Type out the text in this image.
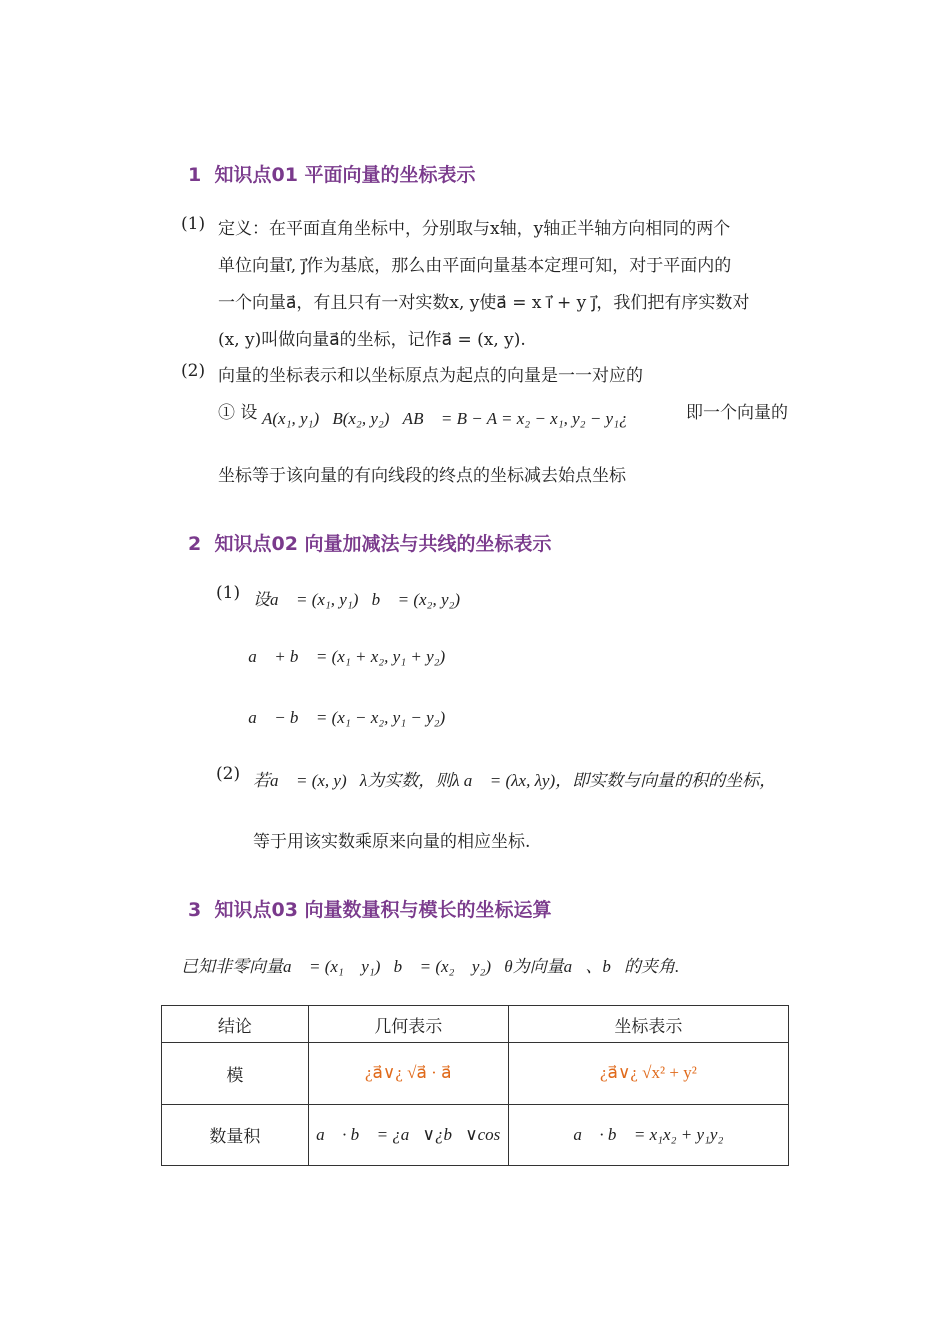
1 知识点01 平面向量的坐标表示
(1) 定义：在平面直角坐标中，分别取与x轴，y轴正半轴方向相同的两个
单位向量i⃗, j⃗作为基底，那么由平面向量基本定理可知，对于平面内的
一个向量a⃗，有且只有一对实数x, y使a⃗ = x i⃗ + y j⃗，我们把有序实数对
(x, y)叫做向量a⃗的坐标，记作a⃗ = (x, y).
(2) 向量的坐标表示和以坐标原点为起点的向量是一一对应的
① 设 A(x₁, y₁)，B(x₂, y₂)，AB⃗ = B − A = x₂ − x₁, y₂ − y₁¿，	即一个向量的
坐标等于该向量的有向线段的终点的坐标减去始点坐标
2 知识点02 向量加减法与共线的坐标表示
(1) 设a⃗ = (x₁, y₁)，b⃗ = (x₂, y₂)
①a⃗ + b⃗ = (x₁ + x₂, y₁ + y₂)
②a⃗ − b⃗ = (x₁ − x₂, y₁ − y₂)
(2) 若a⃗ = (x, y)，λ为实数，则λ a⃗ = (λx, λy)，即实数与向量的积的坐标，
等于用该实数乘原来向量的相应坐标.
3 知识点03 向量数量积与模长的坐标运算
已知非零向量a⃗ = (x₁ ，y₁)，b⃗ = (x₂ ，y₂)，θ为向量a⃗、b⃗的夹角.
结论	几何表示	坐标表示
模	¿a⃗∨¿ √a⃗ · a⃗	¿a⃗∨¿ √x² + y²
数量积	a⃗ · b⃗ = ¿a⃗∨¿b⃗∨cos	a⃗ · b⃗ = x₁x₂ + y₁y₂
